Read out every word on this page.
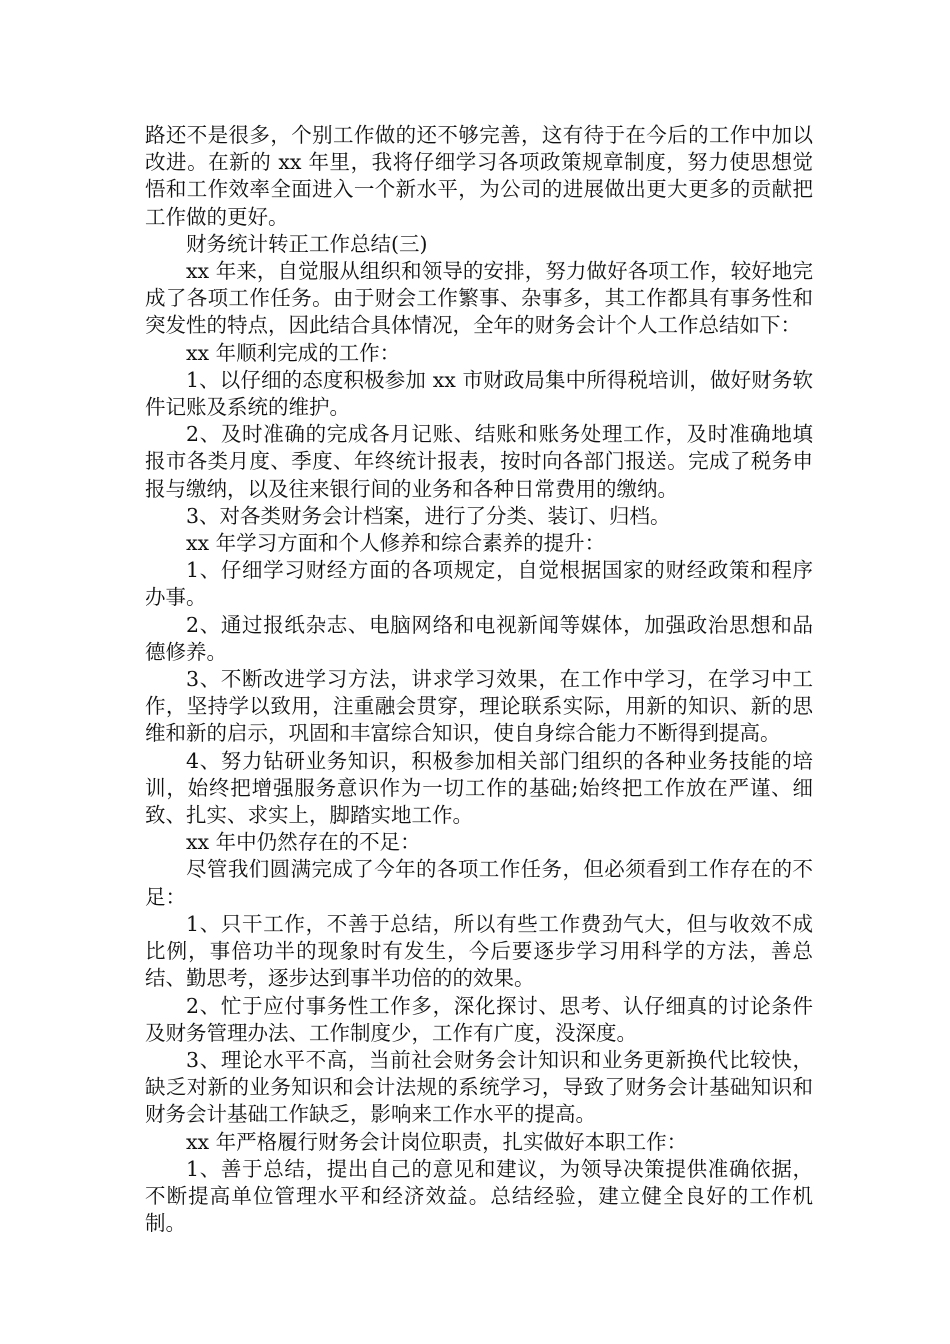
路还不是很多，个别工作做的还不够完善，这有待于在今后的工作中加以改进。在新的 xx 年里，我将仔细学习各项政策规章制度，努力使思想觉悟和工作效率全面进入一个新水平，为公司的进展做出更大更多的贡献把工作做的更好。

财务统计转正工作总结(三)

xx 年来，自觉服从组织和领导的安排，努力做好各项工作，较好地完成了各项工作任务。由于财会工作繁事、杂事多，其工作都具有事务性和突发性的特点，因此结合具体情况，全年的财务会计个人工作总结如下：

xx 年顺利完成的工作：

1、以仔细的态度积极参加 xx 市财政局集中所得税培训，做好财务软件记账及系统的维护。

2、及时准确的完成各月记账、结账和账务处理工作，及时准确地填报市各类月度、季度、年终统计报表，按时向各部门报送。完成了税务申报与缴纳，以及往来银行间的业务和各种日常费用的缴纳。

3、对各类财务会计档案，进行了分类、装订、归档。

xx 年学习方面和个人修养和综合素养的提升：

1、仔细学习财经方面的各项规定，自觉根据国家的财经政策和程序办事。

2、通过报纸杂志、电脑网络和电视新闻等媒体，加强政治思想和品德修养。

3、不断改进学习方法，讲求学习效果，在工作中学习，在学习中工作，坚持学以致用，注重融会贯穿，理论联系实际，用新的知识、新的思维和新的启示，巩固和丰富综合知识，使自身综合能力不断得到提高。

4、努力钻研业务知识，积极参加相关部门组织的各种业务技能的培训，始终把增强服务意识作为一切工作的基础;始终把工作放在严谨、细致、扎实、求实上，脚踏实地工作。

xx 年中仍然存在的不足：

尽管我们圆满完成了今年的各项工作任务，但必须看到工作存在的不足：

1、只干工作，不善于总结，所以有些工作费劲气大，但与收效不成比例，事倍功半的现象时有发生，今后要逐步学习用科学的方法，善总结、勤思考，逐步达到事半功倍的的效果。

2、忙于应付事务性工作多，深化探讨、思考、认仔细真的讨论条件及财务管理办法、工作制度少，工作有广度，没深度。

3、理论水平不高，当前社会财务会计知识和业务更新换代比较快，缺乏对新的业务知识和会计法规的系统学习，导致了财务会计基础知识和财务会计基础工作缺乏，影响来工作水平的提高。

xx 年严格履行财务会计岗位职责，扎实做好本职工作：

1、善于总结，提出自己的意见和建议，为领导决策提供准确依据，不断提高单位管理水平和经济效益。总结经验，建立健全良好的工作机制。
